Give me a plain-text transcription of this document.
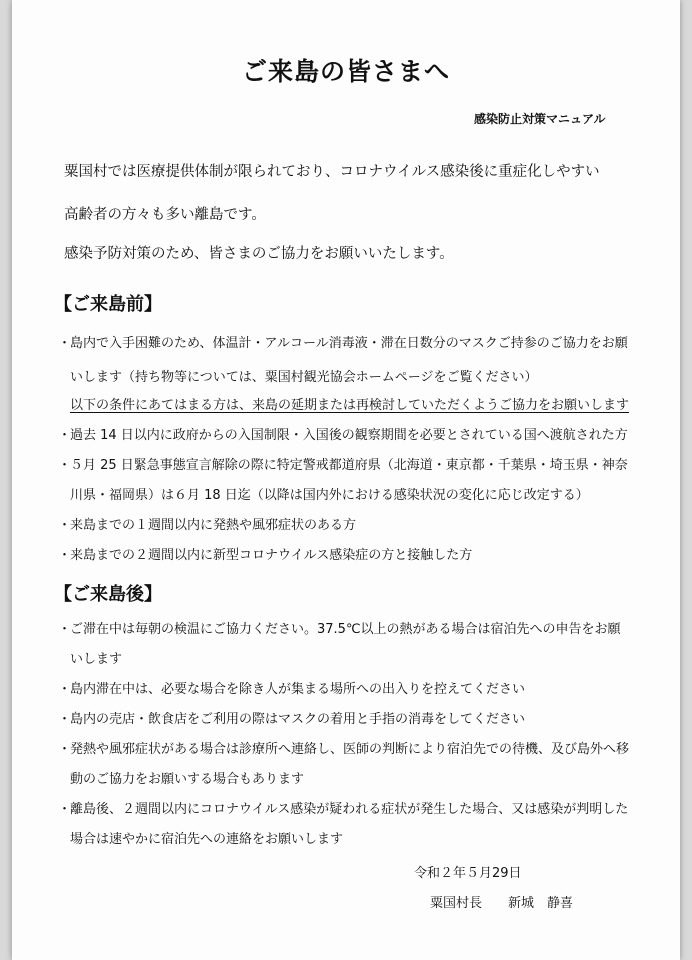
ご来島の皆さまへ
感染防止対策マニュアル
粟国村では医療提供体制が限られており、コロナウイルス感染後に重症化しやすい
高齢者の方々も多い離島です。
感染予防対策のため、皆さまのご協力をお願いいたします。
【ご来島前】
・島内で入手困難のため、体温計・アルコール消毒液・滞在日数分のマスクご持参のご協力をお願
いします（持ち物等については、粟国村観光協会ホームページをご覧ください）
以下の条件にあてはまる方は、来島の延期または再検討していただくようご協力をお願いします
・過去 14 日以内に政府からの入国制限・入国後の観察期間を必要とされている国へ渡航された方
・５月 25 日緊急事態宣言解除の際に特定警戒都道府県（北海道・東京都・千葉県・埼玉県・神奈
川県・福岡県）は６月 18 日迄（以降は国内外における感染状況の変化に応じ改定する）
・来島までの１週間以内に発熱や風邪症状のある方
・来島までの２週間以内に新型コロナウイルス感染症の方と接触した方
【ご来島後】
・ご滞在中は毎朝の検温にご協力ください。37.5℃以上の熱がある場合は宿泊先への申告をお願
いします
・島内滞在中は、必要な場合を除き人が集まる場所への出入りを控えてください
・島内の売店・飲食店をご利用の際はマスクの着用と手指の消毒をしてください
・発熱や風邪症状がある場合は診療所へ連絡し、医師の判断により宿泊先での待機、及び島外へ移
動のご協力をお願いする場合もあります
・離島後、２週間以内にコロナウイルス感染が疑われる症状が発生した場合、又は感染が判明した
場合は速やかに宿泊先への連絡をお願いします
令和２年５月29日
粟国村長 新城　静喜
